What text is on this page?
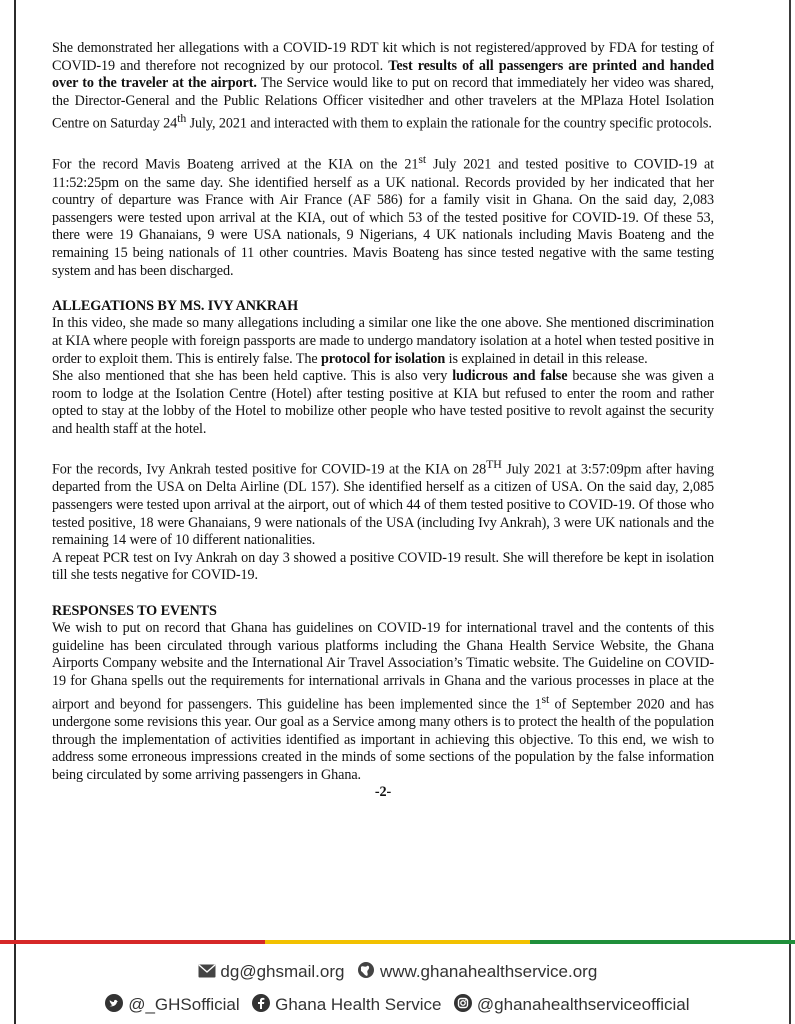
She demonstrated her allegations with a COVID-19 RDT kit which is not registered/approved by FDA for testing of COVID-19 and therefore not recognized by our protocol. Test results of all passengers are printed and handed over to the traveler at the airport. The Service would like to put on record that immediately her video was shared, the Director-General and the Public Relations Officer visitedher and other travelers at the MPlaza Hotel Isolation Centre on Saturday 24th July, 2021 and interacted with them to explain the rationale for the country specific protocols.

For the record Mavis Boateng arrived at the KIA on the 21st July 2021 and tested positive to COVID-19 at 11:52:25pm on the same day. She identified herself as a UK national. Records provided by her indicated that her country of departure was France with Air France (AF 586) for a family visit in Ghana. On the said day, 2,083 passengers were tested upon arrival at the KIA, out of which 53 of the tested positive for COVID-19. Of these 53, there were 19 Ghanaians, 9 were USA nationals, 9 Nigerians, 4 UK nationals including Mavis Boateng and the remaining 15 being nationals of 11 other countries. Mavis Boateng has since tested negative with the same testing system and has been discharged.

ALLEGATIONS BY MS. IVY ANKRAH

In this video, she made so many allegations including a similar one like the one above. She mentioned discrimination at KIA where people with foreign passports are made to undergo mandatory isolation at a hotel when tested positive in order to exploit them. This is entirely false. The protocol for isolation is explained in detail in this release.

She also mentioned that she has been held captive. This is also very ludicrous and false because she was given a room to lodge at the Isolation Centre (Hotel) after testing positive at KIA but refused to enter the room and rather opted to stay at the lobby of the Hotel to mobilize other people who have tested positive to revolt against the security and health staff at the hotel.

For the records, Ivy Ankrah tested positive for COVID-19 at the KIA on 28TH July 2021 at 3:57:09pm after having departed from the USA on Delta Airline (DL 157). She identified herself as a citizen of USA. On the said day, 2,085 passengers were tested upon arrival at the airport, out of which 44 of them tested positive to COVID-19. Of those who tested positive, 18 were Ghanaians, 9 were nationals of the USA (including Ivy Ankrah), 3 were UK nationals and the remaining 14 were of 10 different nationalities.

A repeat PCR test on Ivy Ankrah on day 3 showed a positive COVID-19 result. She will therefore be kept in isolation till she tests negative for COVID-19.

RESPONSES TO EVENTS

We wish to put on record that Ghana has guidelines on COVID-19 for international travel and the contents of this guideline has been circulated through various platforms including the Ghana Health Service Website, the Ghana Airports Company website and the International Air Travel Association’s Timatic website. The Guideline on COVID-19 for Ghana spells out the requirements for international arrivals in Ghana and the various processes in place at the airport and beyond for passengers. This guideline has been implemented since the 1st of September 2020 and has undergone some revisions this year. Our goal as a Service among many others is to protect the health of the population through the implementation of activities identified as important in achieving this objective. To this end, we wish to address some erroneous impressions created in the minds of some sections of the population by the false information being circulated by some arriving passengers in Ghana.

-2-

dg@ghsmail.org www.ghanahealthservice.org
@_GHSofficial Ghana Health Service @ghanahealthserviceofficial
